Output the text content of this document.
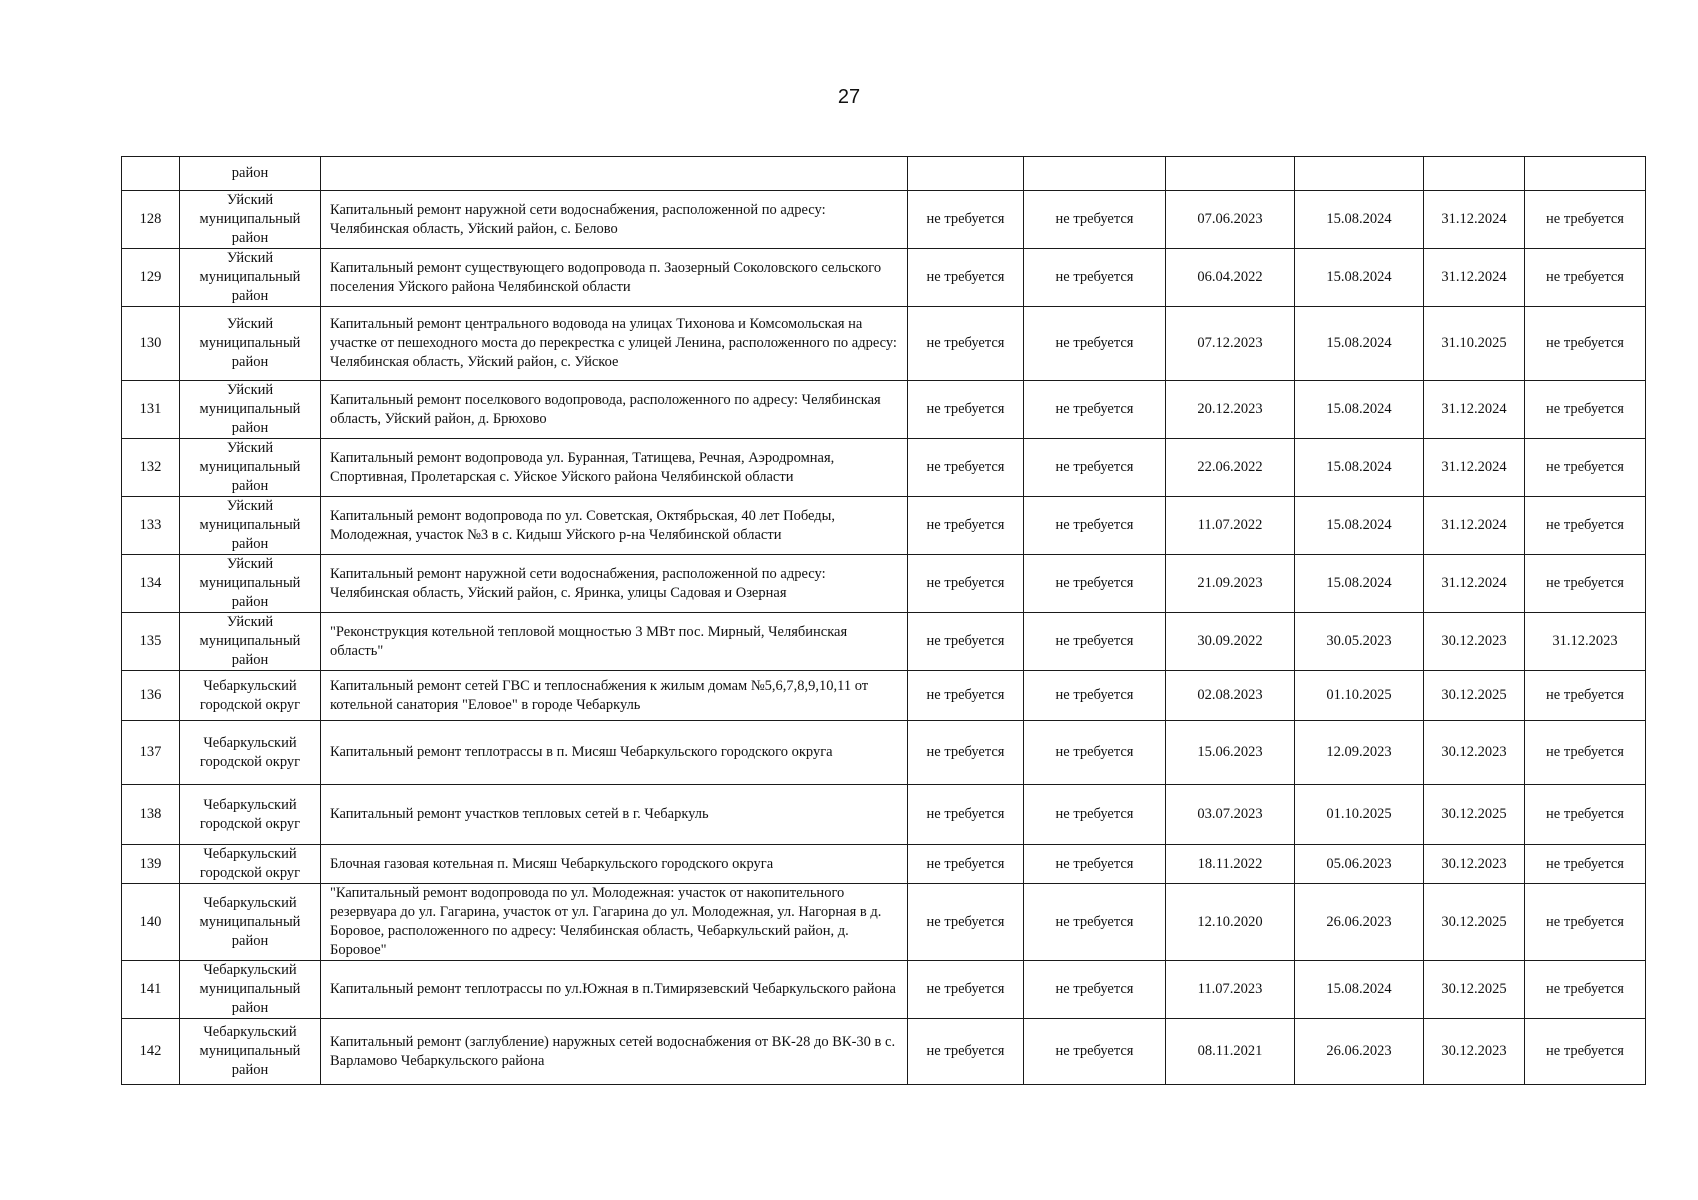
27
	район							
128	Уйский муниципальный район	Капитальный ремонт наружной сети водоснабжения, расположенной по адресу: Челябинская область, Уйский район, с. Белово	не требуется	не требуется	07.06.2023	15.08.2024	31.12.2024	не требуется
129	Уйский муниципальный район	Капитальный ремонт существующего водопровода п. Заозерный Соколовского сельского поселения Уйского района Челябинской области	не требуется	не требуется	06.04.2022	15.08.2024	31.12.2024	не требуется
130	Уйский муниципальный район	Капитальный ремонт центрального водовода на улицах Тихонова и Комсомольская на участке от пешеходного моста до перекрестка с улицей Ленина, расположенного по адресу: Челябинская область, Уйский район, с. Уйское	не требуется	не требуется	07.12.2023	15.08.2024	31.10.2025	не требуется
131	Уйский муниципальный район	Капитальный ремонт поселкового водопровода, расположенного по адресу: Челябинская область, Уйский район, д. Брюхово	не требуется	не требуется	20.12.2023	15.08.2024	31.12.2024	не требуется
132	Уйский муниципальный район	Капитальный ремонт водопровода ул. Буранная, Татищева, Речная, Аэродромная, Спортивная, Пролетарская с. Уйское Уйского района Челябинской области	не требуется	не требуется	22.06.2022	15.08.2024	31.12.2024	не требуется
133	Уйский муниципальный район	Капитальный ремонт водопровода по ул. Советская, Октябрьская, 40 лет Победы, Молодежная, участок №3 в с. Кидыш Уйского р-на Челябинской области	не требуется	не требуется	11.07.2022	15.08.2024	31.12.2024	не требуется
134	Уйский муниципальный район	Капитальный ремонт наружной сети водоснабжения, расположенной по адресу: Челябинская область, Уйский район, с. Яринка, улицы Садовая и Озерная	не требуется	не требуется	21.09.2023	15.08.2024	31.12.2024	не требуется
135	Уйский муниципальный район	"Реконструкция котельной тепловой мощностью 3 МВт пос. Мирный, Челябинская область"	не требуется	не требуется	30.09.2022	30.05.2023	30.12.2023	31.12.2023
136	Чебаркульский городской округ	Капитальный ремонт сетей ГВС и теплоснабжения к жилым домам №5,6,7,8,9,10,11 от котельной санатория "Еловое" в городе Чебаркуль	не требуется	не требуется	02.08.2023	01.10.2025	30.12.2025	не требуется
137	Чебаркульский городской округ	Капитальный ремонт теплотрассы в п. Мисяш Чебаркульского городского округа	не требуется	не требуется	15.06.2023	12.09.2023	30.12.2023	не требуется
138	Чебаркульский городской округ	Капитальный ремонт участков тепловых сетей в г. Чебаркуль	не требуется	не требуется	03.07.2023	01.10.2025	30.12.2025	не требуется
139	Чебаркульский городской округ	Блочная газовая котельная п. Мисяш Чебаркульского городского округа	не требуется	не требуется	18.11.2022	05.06.2023	30.12.2023	не требуется
140	Чебаркульский муниципальный район	"Капитальный ремонт водопровода по ул. Молодежная: участок от накопительного резервуара до ул. Гагарина, участок от ул. Гагарина до ул. Молодежная, ул. Нагорная в д. Боровое, расположенного по адресу: Челябинская область, Чебаркульский район, д. Боровое"	не требуется	не требуется	12.10.2020	26.06.2023	30.12.2025	не требуется
141	Чебаркульский муниципальный район	Капитальный ремонт теплотрассы по ул.Южная в п.Тимирязевский Чебаркульского района	не требуется	не требуется	11.07.2023	15.08.2024	30.12.2025	не требуется
142	Чебаркульский муниципальный район	Капитальный ремонт (заглубление) наружных сетей водоснабжения от ВК-28 до ВК-30 в с. Варламово Чебаркульского района	не требуется	не требуется	08.11.2021	26.06.2023	30.12.2023	не требуется
